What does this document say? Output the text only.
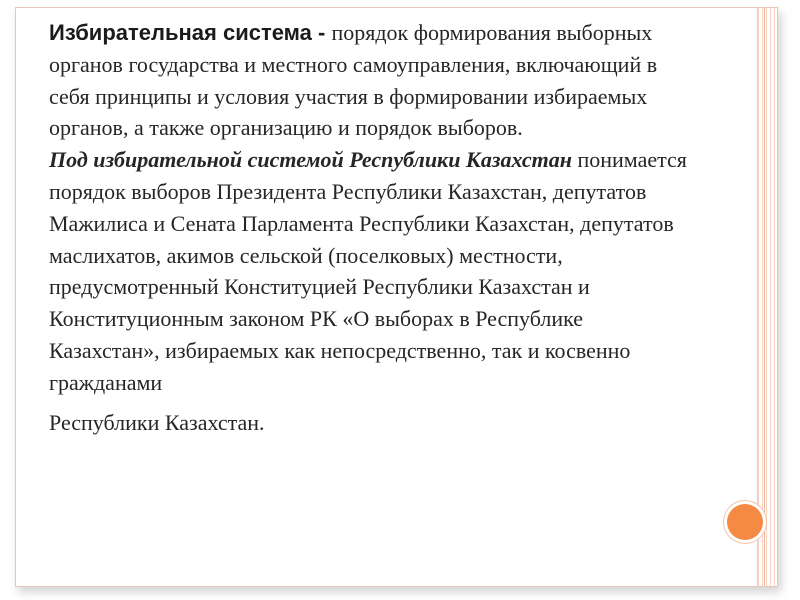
Избирательная система - порядок формирования выборных органов государства и местного самоуправления, включающий в себя принципы и условия участия в формировании избираемых органов, а также организацию и порядок выборов.

Под избирательной системой Республики Казахстан понимается порядок выборов Президента Республики Казахстан, депутатов Мажилиса и Сената Парламента Республики Казахстан, депутатов маслихатов, акимов сельской (поселковых) местности, предусмотренный Конституцией Республики Казахстан и Конституционным законом РК «О выборах в Республике Казахстан», избираемых как непосредственно, так и косвенно гражданами
Республики Казахстан.
